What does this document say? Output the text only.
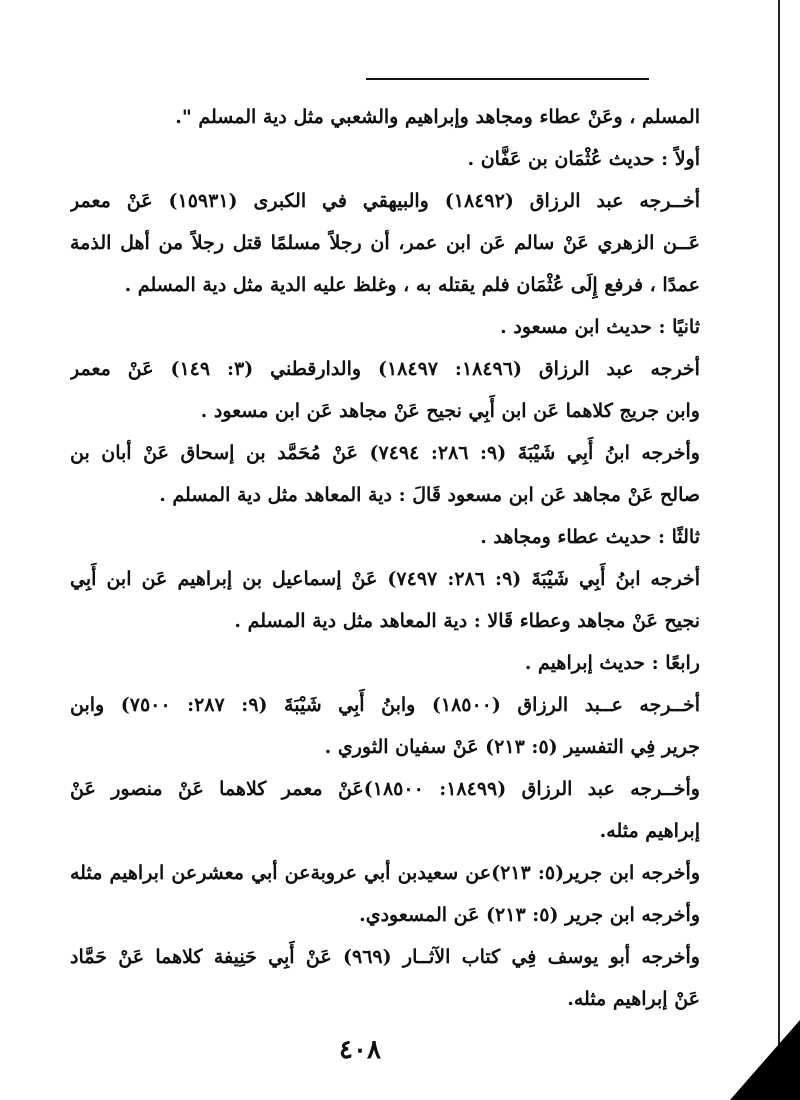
المسلم ، وعَنْ عطاء ومجاهد وإبراهيم والشعبي مثل دية المسلم ".
أولاً : حديث عُثْمَان بن عَفَّان .
أخــرجه عبد الرزاق (١٨٤٩٢) والبيهقي في الكبرى (١٥٩٣١) عَنْ معمر
عَــن الزهري عَنْ سالم عَن ابن عمر، أن رجلاً مسلمًا قتل رجلاً من أهل الذمة
عمدًا ، فرفع إِلَى عُثْمَان فلم يقتله به ، وغلظ عليه الدية مثل دية المسلم .
ثانيًا : حديث ابن مسعود .
أخرجه عبد الرزاق (١٨٤٩٦: ١٨٤٩٧) والدارقطني (٣: ١٤٩) عَنْ معمر
وابن جريج كلاهما عَن ابن أَبِي نجيح عَنْ مجاهد عَن ابن مسعود .
وأخرجه ابنُ أَبِي شَيْبَةَ (٩: ٢٨٦: ٧٤٩٤) عَنْ مُحَمَّد بن إسحاق عَنْ أبان بن
صالح عَنْ مجاهد عَن ابن مسعود قَالَ : دية المعاهد مثل دية المسلم .
ثالثًا : حديث عطاء ومجاهد .
أخرجه ابنُ أَبِي شَيْبَةَ (٩: ٢٨٦: ٧٤٩٧) عَنْ إسماعيل بن إبراهيم عَن ابن أَبِي
نجيح عَنْ مجاهد وعطاء قَالا : دية المعاهد مثل دية المسلم .
رابعًا : حديث إبراهيم .
أخــرجه عــبد الرزاق (١٨٥٠٠) وابنُ أَبِي شَيْبَةَ (٩: ٢٨٧: ٧٥٠٠) وابن
جرير فِي التفسير (٥: ٢١٣) عَنْ سفيان الثوري .
وأخــرجه عبد الرزاق (١٨٤٩٩: ١٨٥٠٠)عَنْ معمر كلاهما عَنْ منصور عَنْ
إبراهيم مثله.
وأخرجه ابن جرير(٥: ٢١٣)عن سعيدبن أبي عروبةعن أبي معشرعن ابراهيم مثله
وأخرجه ابن جرير (٥: ٢١٣) عَن المسعودي.
وأخرجه أبو يوسف فِي كتاب الآثــار (٩٦٩) عَنْ أَبِي حَنِيفة كلاهما عَنْ حَمَّاد
عَنْ إبراهيم مثله.
٤٠٨
